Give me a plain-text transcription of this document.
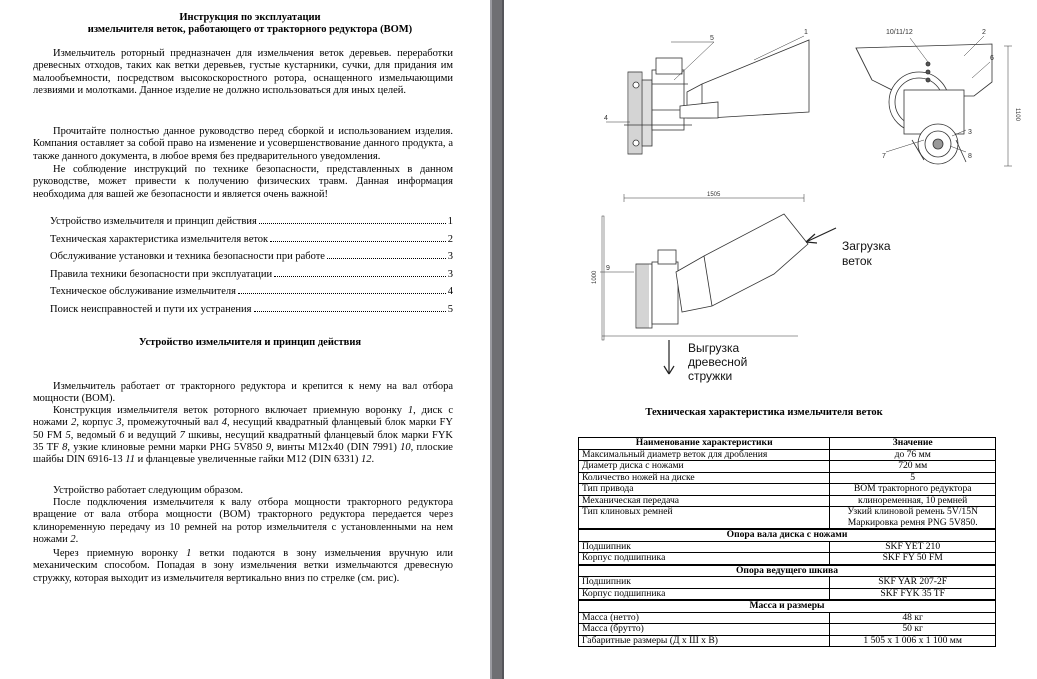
Инструкция по эксплуатации
измельчителя веток, работающего от тракторного редуктора (ВОМ)

Измельчитель роторный предназначен для измельчения веток деревьев. переработки древесных отходов, таких как ветки деревьев, густые кустарники, сучки, для придания им малообъемности, посредством высокоскоростного ротора, оснащенного измельчающими лезвиями и молотками. Данное изделие не должно использоваться для иных целей.

Прочитайте полностью данное руководство перед сборкой и использованием изделия. Компания оставляет за собой право на изменение и усовершенствование данного продукта, а также данного документа, в любое время без предварительного уведомления.

Не соблюдение инструкций по технике безопасности, представленных в данном руководстве, может привести к получению физических травм. Данная информация необходима для вашей же безопасности и является очень важной!

Устройство измельчителя и принцип действия	1
Техническая характеристика измельчителя веток	2
Обслуживание установки и техника безопасности при работе	3
Правила техники безопасности при эксплуатации	3
Техническое обслуживание измельчителя	4
Поиск неисправностей и пути их устранения	5
Устройство измельчителя и принцип действия

Измельчитель работает от тракторного редуктора и крепится к нему на вал отбора мощности (ВОМ).

Конструкция измельчителя веток роторного включает приемную воронку 1, диск с ножами 2, корпус 3, промежуточный вал 4, несущий квадратный фланцевый блок марки FY 50 FM 5, ведомый 6 и ведущий 7 шкивы, несущий квадратный фланцевый блок марки FYK 35 TF 8, узкие клиновые ремни марки PHG 5V850 9, винты M12x40 (DIN 7991) 10, плоские шайбы DIN 6916-13 11 и фланцевые увеличенные гайки M12 (DIN 6331) 12.

Устройство работает следующим образом.

После подключения измельчителя к валу отбора мощности тракторного редуктора вращение от вала отбора мощности (ВОМ) тракторного редуктора передается через клиноременную передачу из 10 ремней на ротор измельчителя с установленными на нем ножами 2.

Через приемную воронку 1 ветки подаются в зону измельчения вручную или механическим способом. Попадая в зону измельчения ветки измельчаются древесную стружку, которая выходит из измельчителя вертикально вниз по стрелке (см. рис).

5
1
4
1505
10/11/12	2
6
3
7	8
1100
9
1000
Загрузка
веток
Выгрузка
древесной
стружки
Техническая характеристика измельчителя веток
Наименование характеристики	Значение
Максимальный диаметр веток для дробления	до 76 мм
Диаметр диска с ножами	720 мм
Количество ножей на диске	5
Тип привода	ВОМ тракторного редуктора
Механическая передача	клиноременная, 10 ремней
Тип клиновых ремней	Узкий клиновой ремень 5V/15N
Маркировка ремня PNG 5V850.

Опора вала диска с ножами	
Подшипник	SKF YET 210
Корпус подшипника	SKF FY 50 FM
Опора ведущего шкива	
Подшипник	SKF YAR 207-2F
Корпус подшипника	SKF FYK 35 TF
Масса и размеры	
Масса (нетто)	48 кг
Масса (брутто)	50 кг
Габаритные размеры (Д х Ш х В)	1 505 х 1 006 х 1 100 мм
